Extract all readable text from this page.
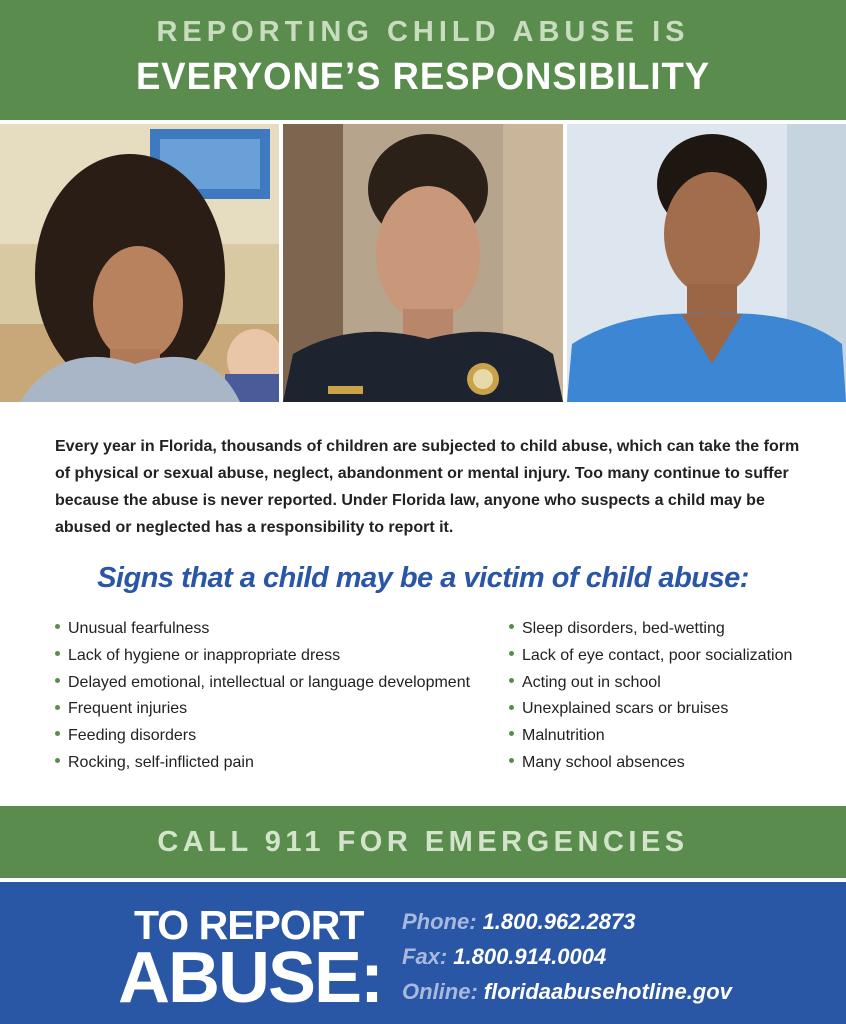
REPORTING CHILD ABUSE IS
EVERYONE’S RESPONSIBILITY

Every year in Florida, thousands of children are subjected to child abuse, which can take the form of physical or sexual abuse, neglect, abandonment or mental injury. Too many continue to suffer because the abuse is never reported. Under Florida law, anyone who suspects a child may be abused or neglected has a responsibility to report it.

Signs that a child may be a victim of child abuse:
Unusual fearfulness
Lack of hygiene or inappropriate dress
Delayed emotional, intellectual or language development
Frequent injuries
Feeding disorders
Rocking, self-inflicted pain
Sleep disorders, bed-wetting
Lack of eye contact, poor socialization
Acting out in school
Unexplained scars or bruises
Malnutrition
Many school absences
CALL 911 FOR EMERGENCIES
TO REPORT
ABUSE:
Phone: 1.800.962.2873
Fax: 1.800.914.0004
Online: floridaabusehotline.gov
